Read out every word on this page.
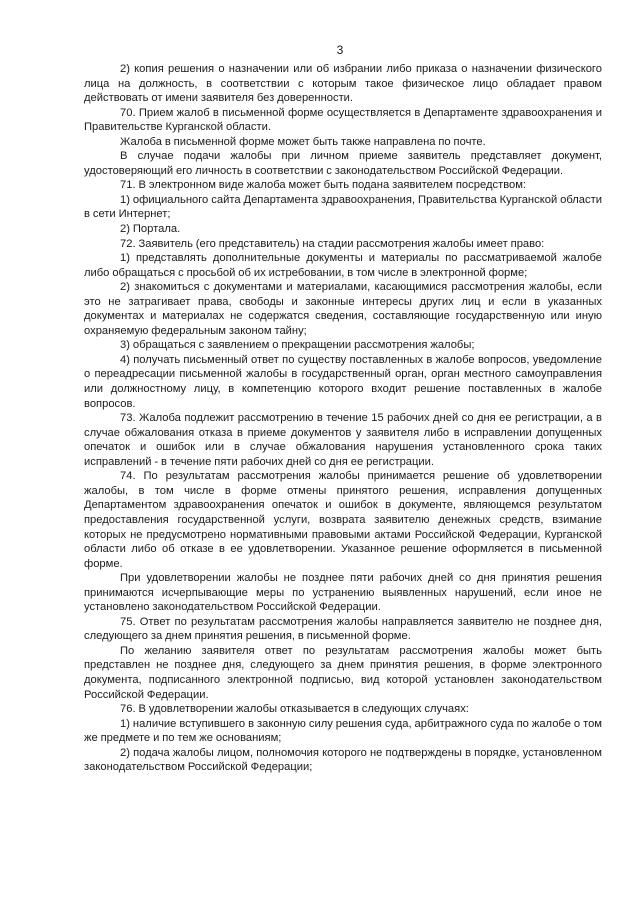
3

2) копия решения о назначении или об избрании либо приказа о назначении физического лица на должность, в соответствии с которым такое физическое лицо обладает правом действовать от имени заявителя без доверенности.

70. Прием жалоб в письменной форме осуществляется в Департаменте здравоохранения и Правительстве Курганской области.

Жалоба в письменной форме может быть также направлена по почте.

В случае подачи жалобы при личном приеме заявитель представляет документ, удостоверяющий его личность в соответствии с законодательством Российской Федерации.

71. В электронном виде жалоба может быть подана заявителем посредством:

1) официального сайта Департамента здравоохранения, Правительства Курганской области в сети Интернет;

2) Портала.

72. Заявитель (его представитель) на стадии рассмотрения жалобы имеет право:

1) представлять дополнительные документы и материалы по рассматриваемой жалобе либо обращаться с просьбой об их истребовании, в том числе в электронной форме;

2) знакомиться с документами и материалами, касающимися рассмотрения жалобы, если это не затрагивает права, свободы и законные интересы других лиц и если в указанных документах и материалах не содержатся сведения, составляющие государственную или иную охраняемую федеральным законом тайну;

3) обращаться с заявлением о прекращении рассмотрения жалобы;

4) получать письменный ответ по существу поставленных в жалобе вопросов, уведомление о переадресации письменной жалобы в государственный орган, орган местного самоуправления или должностному лицу, в компетенцию которого входит решение поставленных в жалобе вопросов.

73. Жалоба подлежит рассмотрению в течение 15 рабочих дней со дня ее регистрации, а в случае обжалования отказа в приеме документов у заявителя либо в исправлении допущенных опечаток и ошибок или в случае обжалования нарушения установленного срока таких исправлений - в течение пяти рабочих дней со дня ее регистрации.

74. По результатам рассмотрения жалобы принимается решение об удовлетворении жалобы, в том числе в форме отмены принятого решения, исправления допущенных Департаментом здравоохранения опечаток и ошибок в документе, являющемся результатом предоставления государственной услуги, возврата заявителю денежных средств, взимание которых не предусмотрено нормативными правовыми актами Российской Федерации, Курганской области либо об отказе в ее удовлетворении. Указанное решение оформляется в письменной форме.

При удовлетворении жалобы не позднее пяти рабочих дней со дня принятия решения принимаются исчерпывающие меры по устранению выявленных нарушений, если иное не установлено законодательством Российской Федерации.

75. Ответ по результатам рассмотрения жалобы направляется заявителю не позднее дня, следующего за днем принятия решения, в письменной форме.

По желанию заявителя ответ по результатам рассмотрения жалобы может быть представлен не позднее дня, следующего за днем принятия решения, в форме электронного документа, подписанного электронной подписью, вид которой установлен законодательством Российской Федерации.

76. В удовлетворении жалобы отказывается в следующих случаях:

1) наличие вступившего в законную силу решения суда, арбитражного суда по жалобе о том же предмете и по тем же основаниям;

2) подача жалобы лицом, полномочия которого не подтверждены в порядке, установленном законодательством Российской Федерации;
